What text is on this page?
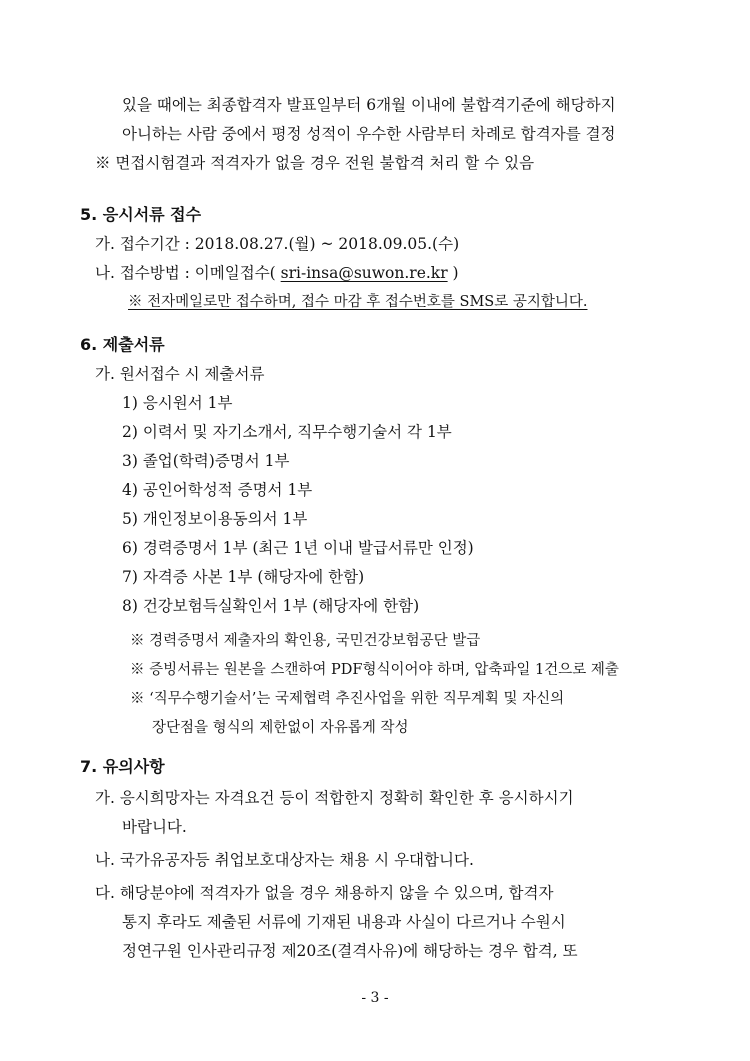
있을 때에는 최종합격자 발표일부터 6개월 이내에 불합격기준에 해당하지
아니하는 사람 중에서 평정 성적이 우수한 사람부터 차례로 합격자를 결정
※ 면접시험결과 적격자가 없을 경우 전원 불합격 처리 할 수 있음
5. 응시서류 접수
가. 접수기간 : 2018.08.27.(월) ~ 2018.09.05.(수)
나. 접수방법 : 이메일접수( sri-insa@suwon.re.kr )
※ 전자메일로만 접수하며, 접수 마감 후 접수번호를 SMS로 공지합니다.
6. 제출서류
가. 원서접수 시 제출서류
1) 응시원서 1부
2) 이력서 및 자기소개서, 직무수행기술서 각 1부
3) 졸업(학력)증명서 1부
4) 공인어학성적 증명서 1부
5) 개인정보이용동의서 1부
6) 경력증명서 1부 (최근 1년 이내 발급서류만 인정)
7) 자격증 사본 1부 (해당자에 한함)
8) 건강보험득실확인서 1부 (해당자에 한함)
※ 경력증명서 제출자의 확인용, 국민건강보험공단 발급
※ 증빙서류는 원본을 스캔하여 PDF형식이어야 하며, 압축파일 1건으로 제출
※ ‘직무수행기술서’는 국제협력 추진사업을 위한 직무계획 및 자신의
장단점을 형식의 제한없이 자유롭게 작성
7. 유의사항
가. 응시희망자는 자격요건 등이 적합한지 정확히 확인한 후 응시하시기
바랍니다.
나. 국가유공자등 취업보호대상자는 채용 시 우대합니다.
다. 해당분야에 적격자가 없을 경우 채용하지 않을 수 있으며, 합격자
통지 후라도 제출된 서류에 기재된 내용과 사실이 다르거나 수원시
정연구원 인사관리규정 제20조(결격사유)에 해당하는 경우 합격, 또
- 3 -
